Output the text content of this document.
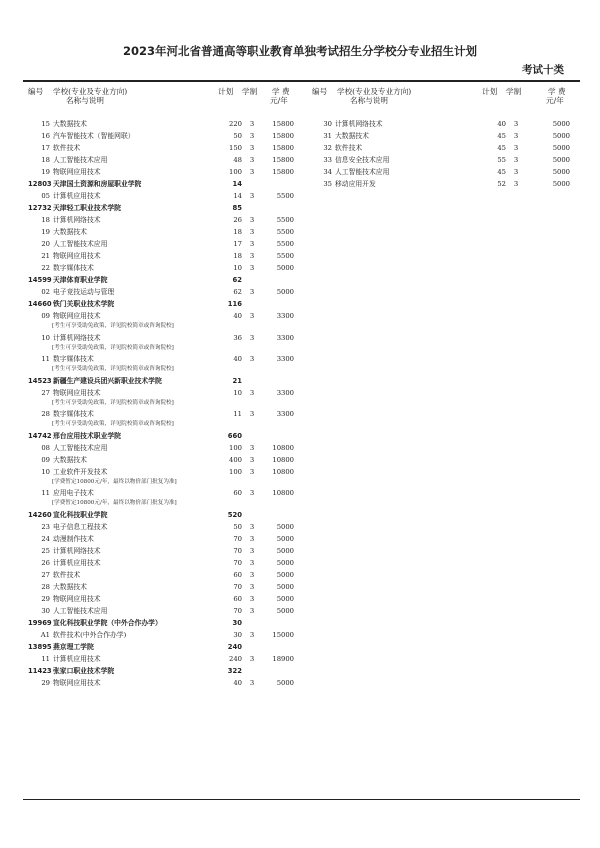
2023年河北省普通高等职业教育单独考试招生分学校分专业招生计划
考试十类
编号 学校(专业及专业方向)
名称与说明
计划 学制 学 费
元/年
编号 学校(专业及专业方向)
名称与说明
计划 学制	学 费
元/年
15 大数据技术	220	3	15800
16 汽车智能技术（智能网联）	50	3	15800
17 软件技术	150	3	15800
18 人工智能技术应用	48	3	15800
19 物联网应用技术	100	3	15800
12803 天津国土资源和房屋职业学院	14
05 计算机应用技术	14	3	5500
12732 天津轻工职业技术学院	85
18 计算机网络技术	26	3	5500
19 大数据技术	18	3	5500
20 人工智能技术应用	17	3	5500
21 物联网应用技术	18	3	5500
22 数字媒体技术	10	3	5000
14599 天津体育职业学院	62
02 电子竞技运动与管理	62	3	5000
14660 铁门关职业技术学院	116
09 物联网应用技术	40	3	3300
[考生可享受助免政策，详见院校简章或咨询院校]
10 计算机网络技术	36	3	3300
[考生可享受助免政策，详见院校简章或咨询院校]
11 数字媒体技术	40	3	3300
[考生可享受助免政策，详见院校简章或咨询院校]
14523 新疆生产建设兵团兴新职业技术学院	21
27 物联网应用技术	10	3	3300
[考生可享受助免政策，详见院校简章或咨询院校]
28 数字媒体技术	11	3	3300
[考生可享受助免政策，详见院校简章或咨询院校]
14742 邢台应用技术职业学院	660
08 人工智能技术应用	100	3	10800
09 大数据技术	400	3	10800
10 工业软件开发技术	100	3	10800
[学费暂定10800元/年，最终以物价部门批复为准]
11 应用电子技术	60	3	10800
[学费暂定10800元/年，最终以物价部门批复为准]
14260 宣化科技职业学院	520
23 电子信息工程技术	50	3	5000
24 动漫制作技术	70	3	5000
25 计算机网络技术	70	3	5000
26 计算机应用技术	70	3	5000
27 软件技术	60	3	5000
28 大数据技术	70	3	5000
29 物联网应用技术	60	3	5000
30 人工智能技术应用	70	3	5000
19969 宣化科技职业学院（中外合作办学）	30
A1 软件技术(中外合作办学)	30	3	15000
13895 燕京理工学院	240
11 计算机应用技术	240	3	18900
11423 张家口职业技术学院	322
29 物联网应用技术	40	3	5000
30 计算机网络技术	40	3	5000
31 大数据技术	45	3	5000
32 软件技术	45	3	5000
33 信息安全技术应用	55	3	5000
34 人工智能技术应用	45	3	5000
35 移动应用开发	52	3	5000
